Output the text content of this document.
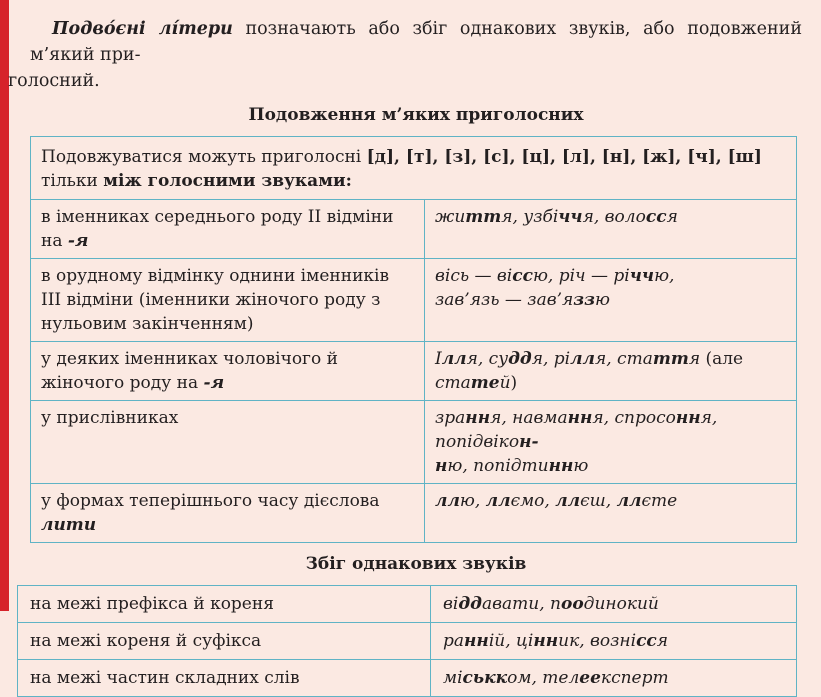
Подво́єні лі́тери позначають або збіг однакових звуків, або подовжений м’який при-
голосний.

Подовження м’яких приголосних
Подовжуватися можуть приголосні [д], [т], [з], [с], [ц], [л], [н], [ж], [ч], [ш] тільки між голосними звуками:	
в іменниках середнього роду ІІ відміни на -я	життя, узбіччя, волосся
в орудному відмінку однини іменників ІІІ відміни (іменники жіночого роду з нульовим закінченням)	вісь — віссю, річ — річчю,
зав’язь — зав’яззю
у деяких іменниках чоловічого й жіночого роду на -я	Ілля, суддя, рілля, стаття (але статей)
у прислівниках	зрання, навмання, спросоння, попідвікон-
ню, попідтинню
у формах теперішнього часу дієслова лити	ллю, ллємо, ллєш, ллєте
Збіг однакових звуків
на межі префікса й кореня	віддавати, поодинокий
на межі кореня й суфікса	ранній, цінник, вознісся
на межі частин складних слів	міськком, телеексперт
